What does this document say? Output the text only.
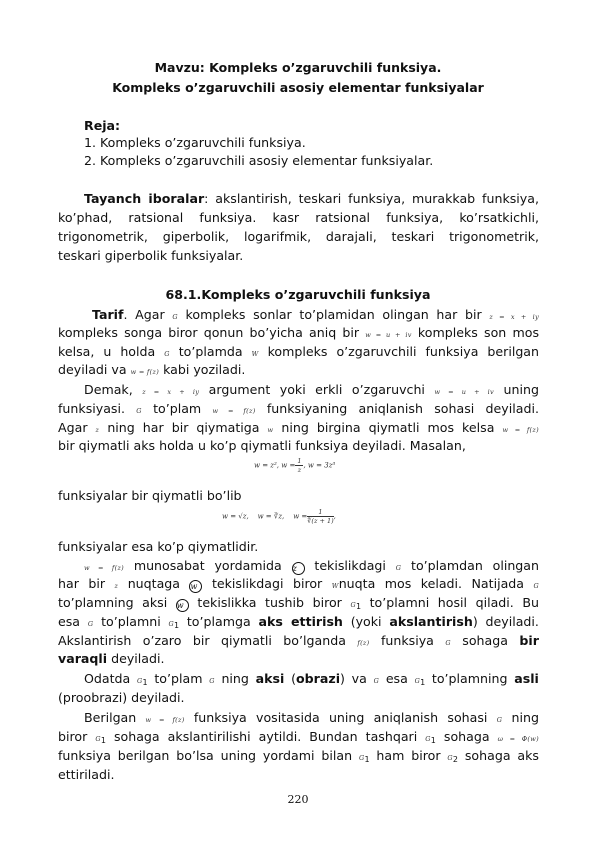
Mavzu: Kompleks o’zgaruvchili funksiya.
Kompleks o’zgaruvchili asosiy elementar funksiyalar
Reja:
1. Kompleks o’zgaruvchili funksiya.
2. Kompleks o’zgaruvchili asosiy elementar funksiyalar.
Tayanch iboralar: akslantirish, teskari funksiya, murakkab funksiya,
ko’phad, ratsional funksiya. kasr ratsional funksiya, ko’rsatkichli,
trigonometrik, giperbolik, logarifmik, darajali, teskari trigonometrik,
teskari giperbolik funksiyalar.
68.1.Kompleks o’zgaruvchili funksiya
Tarif. Agar G kompleks sonlar to’plamidan olingan har bir z = x + iy
kompleks songa biror qonun bo’yicha aniq bir w = u + iv kompleks son mos
kelsa, u holda G to’plamda W kompleks o’zgaruvchili funksiya berilgan
deyiladi va w = f(z) kabi yoziladi.
Demak, z = x + iy argument yoki erkli o’zgaruvchi w = u + iv uning
funksiyasi. G to’plam w = f(z) funksiyaning aniqlanish sohasi deyiladi.
Agar z ning har bir qiymatiga w ning birgina qiymatli mos kelsa w = f(z)
bir qiymatli aks holda u ko’p qiymatli funksiya deyiladi. Masalan,
w = z², $w = \frac{1}{z}$ , w = 3z³
funksiyalar bir qiymatli bo’lib
w = √z, w = ∛z, $w = \frac{1}{∜(z + 1)}$ ,
funksiyalar esa ko’p qiymatlidir.
w = f(z) munosabat yordamida z tekislikdagi G to’plamdan olingan
har bir z nuqtaga w tekislikdagi biror Wnuqta mos keladi. Natijada G
to’plamning aksi w tekislikka tushib biror $G_1$ to’plamni hosil qiladi. Bu
esa G to’plamni $G_1$ to’plamga aks ettirish (yoki akslantirish) deyiladi.
Akslantirish o’zaro bir qiymatli bo’lganda f(z) funksiya G sohaga bir
varaqli deyiladi.
Odatda $G_1$ to’plam G ning aksi (obrazi) va G esa $G_1$ to’plamning asli
(proobrazi) deyiladi.
Berilgan w = f(z) funksiya vositasida uning aniqlanish sohasi G ning
biror $G_1$ sohaga akslantirilishi aytildi. Bundan tashqari $G_1$ sohaga ω = Φ(w)
funksiya berilgan bo’lsa uning yordami bilan $G_1$ ham biror $G_2$ sohaga aks
ettiriladi.
220
